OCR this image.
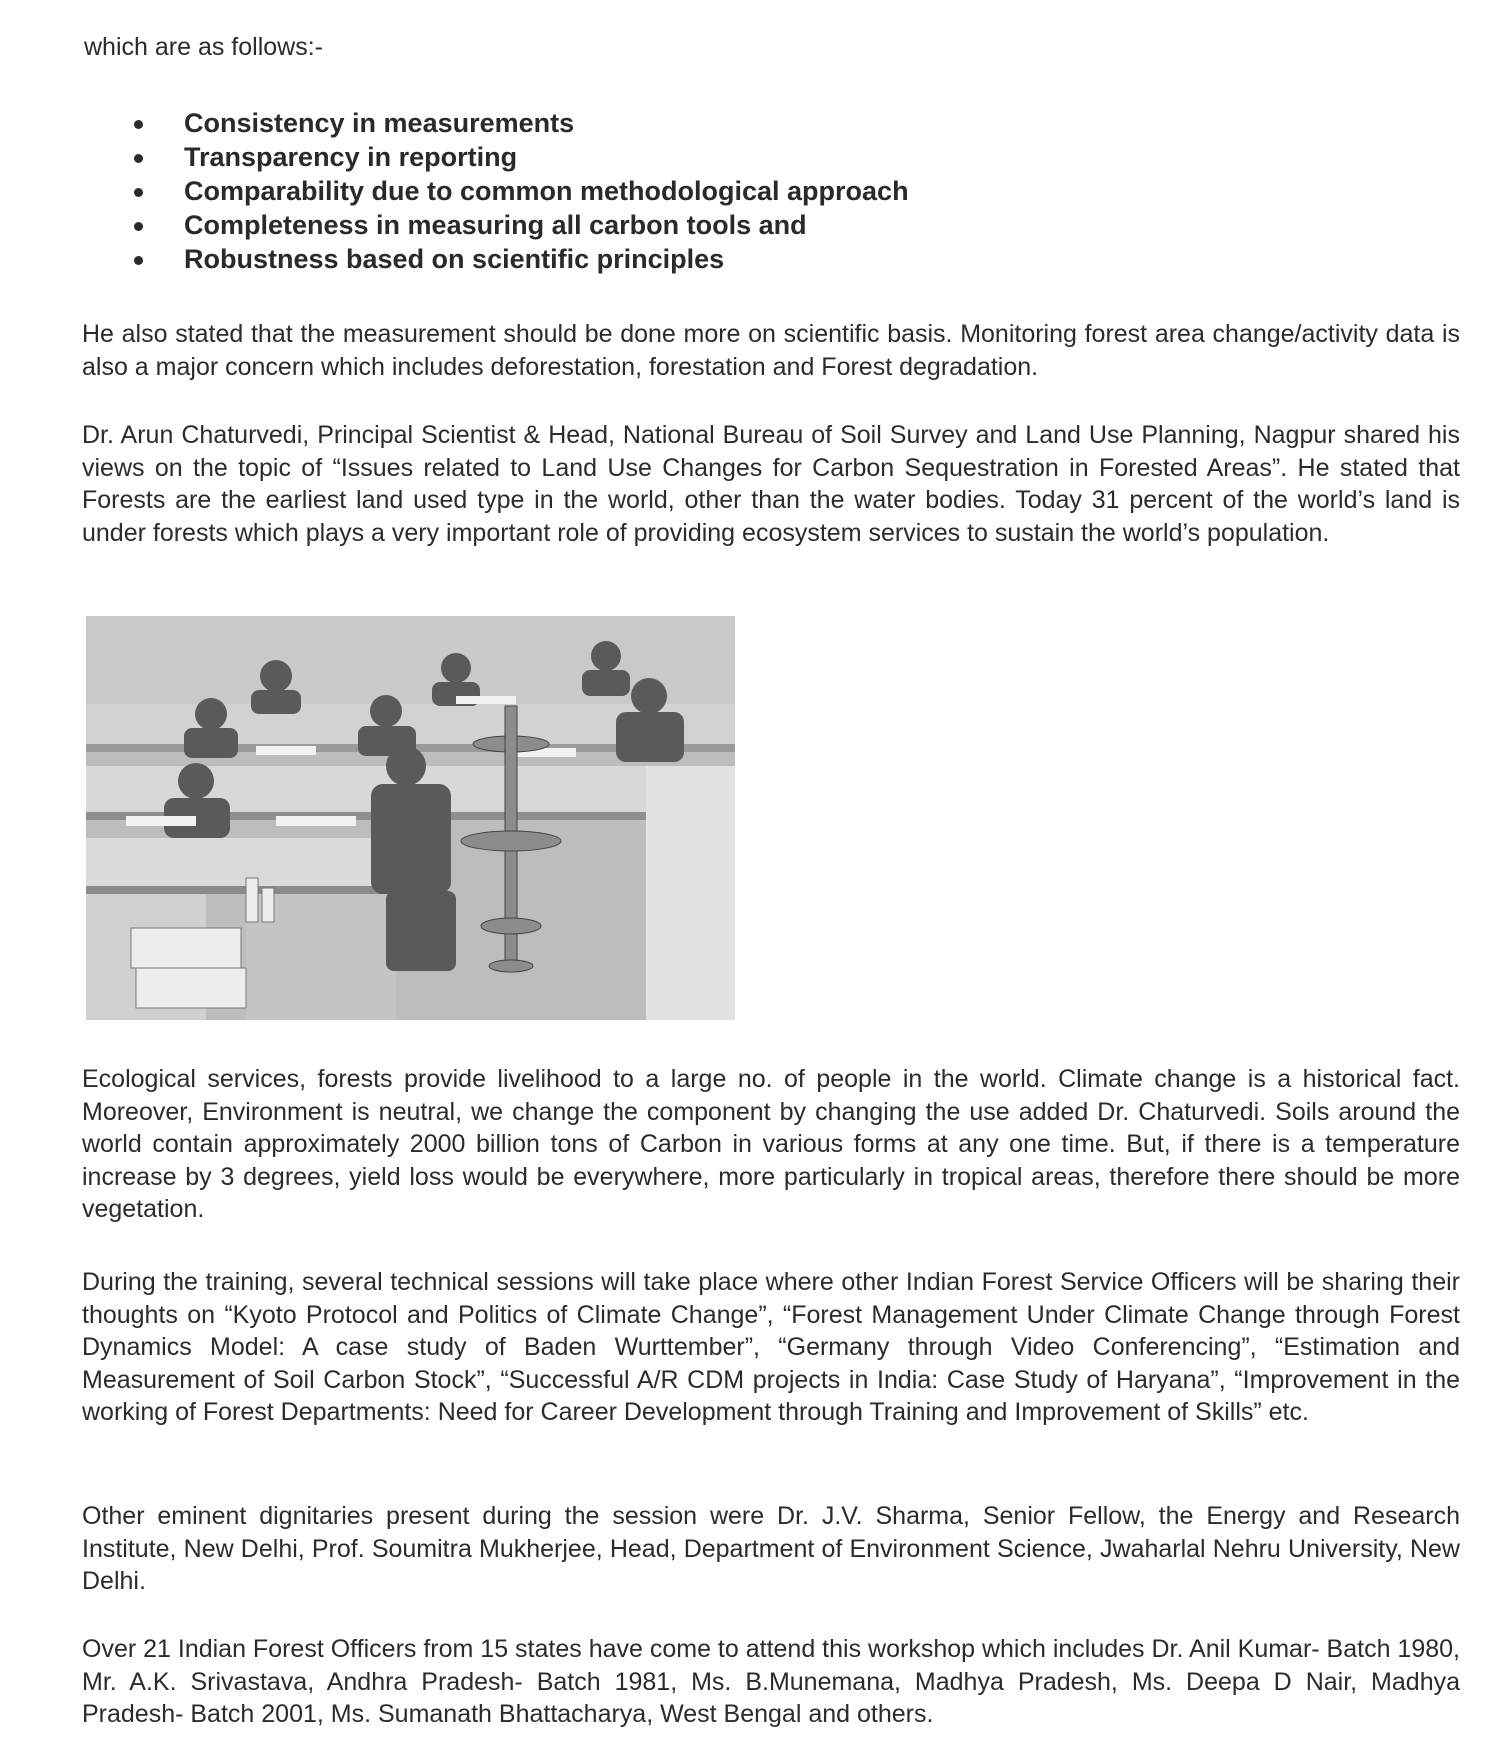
which are as follows:-

Consistency in measurements
Transparency in reporting
Comparability due to common methodological approach
Completeness in measuring all carbon tools and
Robustness based on scientific principles

He also stated that the measurement should be done more on scientific basis. Monitoring forest area change/activity data is also a major concern which includes deforestation, forestation and Forest degradation.

Dr. Arun Chaturvedi, Principal Scientist & Head, National Bureau of Soil Survey and Land Use Planning, Nagpur shared his views on the topic of “Issues related to Land Use Changes for Carbon Sequestration in Forested Areas”. He stated that Forests are the earliest land used type in the world, other than the water bodies. Today 31 percent of the world’s land is under forests which plays a very important role of providing ecosystem services to sustain the world’s population.

Ecological services, forests provide livelihood to a large no. of people in the world. Climate change is a historical fact. Moreover, Environment is neutral, we change the component by changing the use added Dr. Chaturvedi. Soils around the world contain approximately 2000 billion tons of Carbon in various forms at any one time. But, if there is a temperature increase by 3 degrees, yield loss would be everywhere, more particularly in tropical areas, therefore there should be more vegetation.

During the training, several technical sessions will take place where other Indian Forest Service Officers will be sharing their thoughts on “Kyoto Protocol and Politics of Climate Change”, “Forest Management Under Climate Change through Forest Dynamics Model: A case study of Baden Wurttember”, “Germany through Video Conferencing”, “Estimation and Measurement of Soil Carbon Stock”, “Successful A/R CDM projects in India: Case Study of Haryana”, “Improvement in the working of Forest Departments: Need for Career Development through Training and Improvement of Skills” etc.

Other eminent dignitaries present during the session were Dr. J.V. Sharma, Senior Fellow, the Energy and Research Institute, New Delhi, Prof. Soumitra Mukherjee, Head, Department of Environment Science, Jwaharlal Nehru University, New Delhi.

Over 21 Indian Forest Officers from 15 states have come to attend this workshop which includes Dr. Anil Kumar- Batch 1980, Mr. A.K. Srivastava, Andhra Pradesh- Batch 1981, Ms. B.Munemana, Madhya Pradesh, Ms. Deepa D Nair, Madhya Pradesh- Batch 2001, Ms. Sumanath Bhattacharya, West Bengal and others.
